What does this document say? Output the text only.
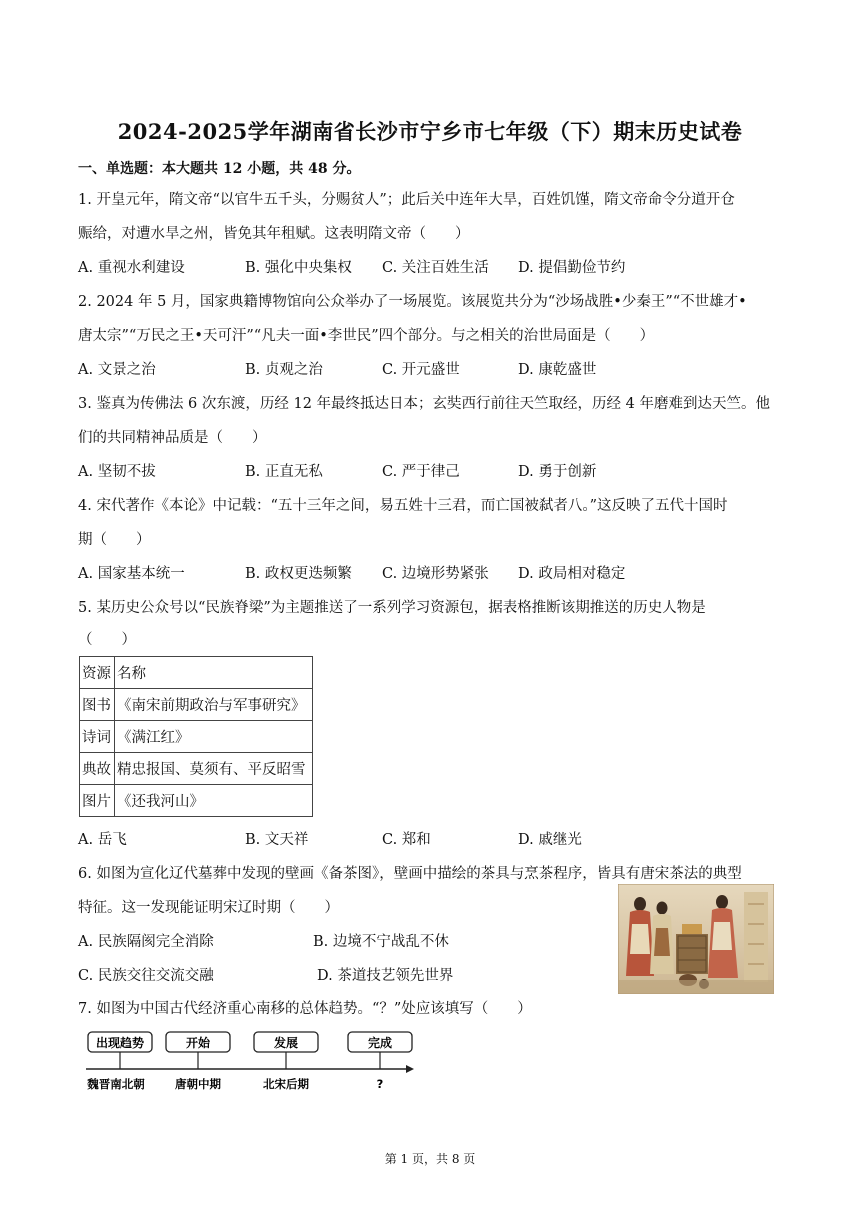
2024-2025学年湖南省长沙市宁乡市七年级（下）期末历史试卷
一、单选题：本大题共 12 小题，共 48 分。
1. 开皇元年，隋文帝“以官牛五千头，分赐贫人”；此后关中连年大旱，百姓饥馑，隋文帝命令分道开仓
赈给，对遭水旱之州，皆免其年租赋。这表明隋文帝（　　）
A. 重视水利建设	B. 强化中央集权 C. 关注百姓生活 D. 提倡勤俭节约
2. 2024 年 5 月，国家典籍博物馆向公众举办了一场展览。该展览共分为“沙场战胜•少秦王”“不世雄才•
唐太宗”“万民之王•天可汗”“凡夫一面•李世民”四个部分。与之相关的治世局面是（　　）
A. 文景之治	B. 贞观之治	C. 开元盛世	D. 康乾盛世
3. 鉴真为传佛法 6 次东渡，历经 12 年最终抵达日本；玄奘西行前往天竺取经，历经 4 年磨难到达天竺。他
们的共同精神品质是（　　）
A. 坚韧不拔	B. 正直无私	C. 严于律己	D. 勇于创新
4. 宋代著作《本论》中记载：“五十三年之间，易五姓十三君，而亡国被弑者八。”这反映了五代十国时
期（　　）
A. 国家基本统一	B. 政权更迭频繁 C. 边境形势紧张 D. 政局相对稳定
5. 某历史公众号以“民族脊梁”为主题推送了一系列学习资源包，据表格推断该期推送的历史人物是
（　　）
资源	名称
图书	《南宋前期政治与军事研究》
诗词	《满江红》
典故	精忠报国、莫须有、平反昭雪
图片	《还我河山》
A. 岳飞	B. 文天祥	C. 郑和	D. 戚继光
6. 如图为宣化辽代墓葬中发现的壁画《备茶图》，壁画中描绘的茶具与烹茶程序，皆具有唐宋茶法的典型
特征。这一发现能证明宋辽时期（　　）
A. 民族隔阂完全消除	B. 边境不宁战乱不休
C. 民族交往交流交融	D. 茶道技艺领先世界
7. 如图为中国古代经济重心南移的总体趋势。“？”处应该填写（　　）
出现趋势	开始	发展	完成
魏晋南北朝	唐朝中期	北宋后期	?
第 1 页，共 8 页
